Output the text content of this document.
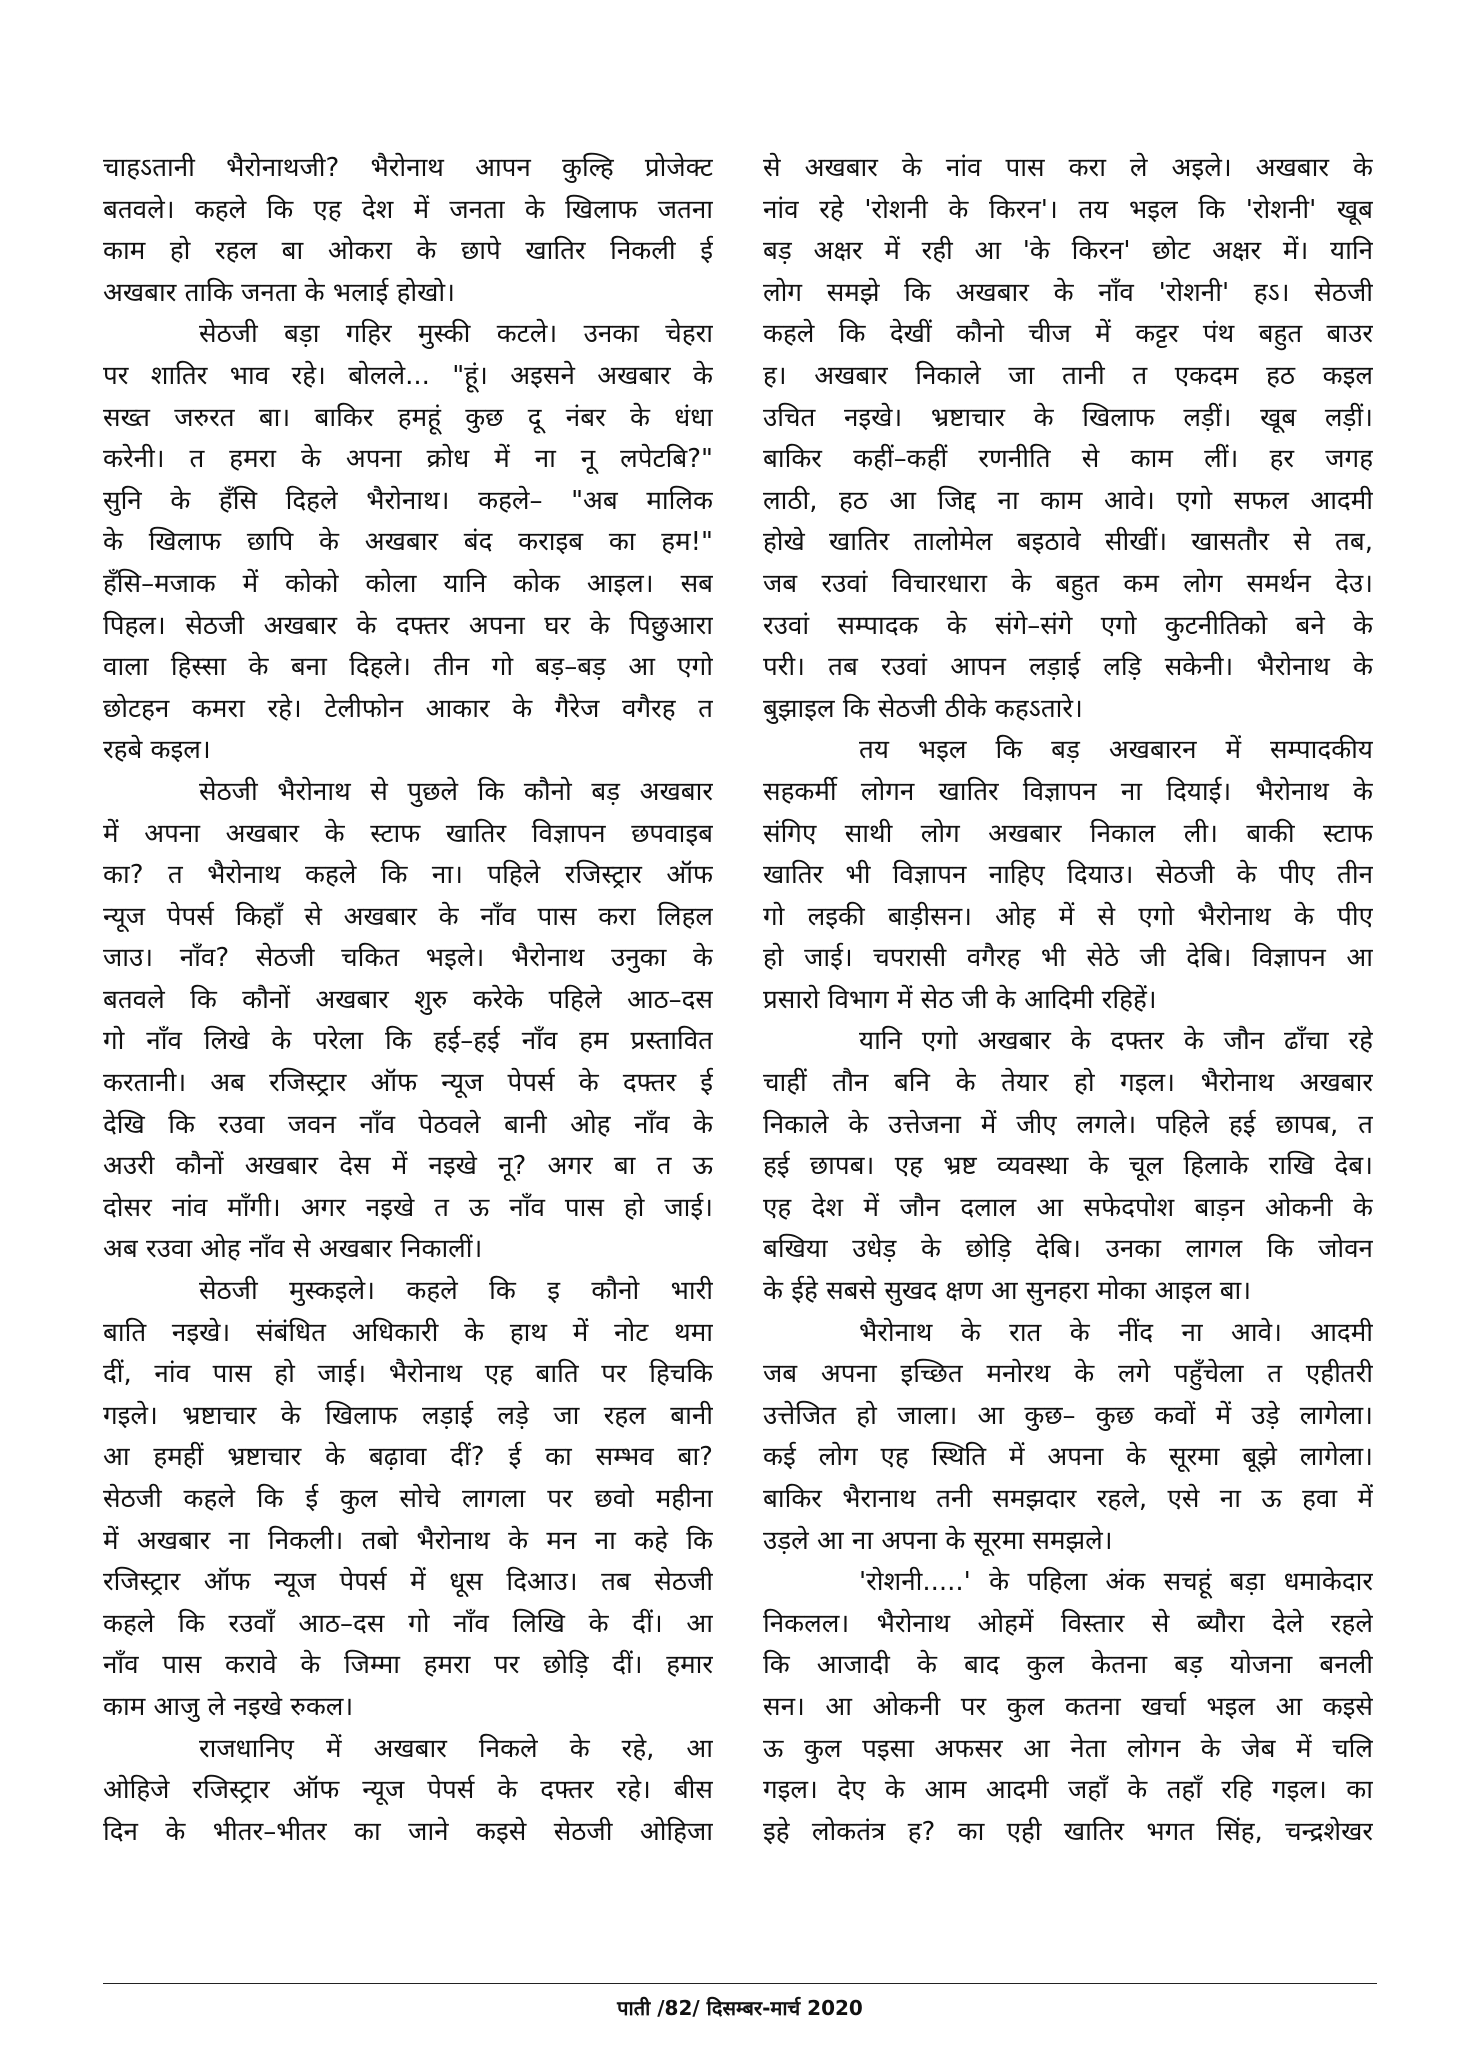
चाहऽतानी भैरोनाथजी? भैरोनाथ आपन कुल्हि प्रोजेक्ट
बतवले। कहले कि एह देश में जनता के खिलाफ जतना
काम हो रहल बा ओकरा के छापे खातिर निकली ई
अखबार ताकि जनता के भलाई होखो।
सेठजी बड़ा गहिर मुस्की कटले। उनका चेहरा
पर शातिर भाव रहे। बोलले... "हूं। अइसने अखबार के
सख्त जरुरत बा। बाकिर हमहूं कुछ दू नंबर के धंधा
करेनी। त हमरा के अपना क्रोध में ना नू लपेटबि?"
सुनि के हँसि दिहले भैरोनाथ। कहले– "अब मालिक
के खिलाफ छापि के अखबार बंद कराइब का हम!"
हँसि–मजाक में कोको कोला यानि कोक आइल। सब
पिहल। सेठजी अखबार के दफ्तर अपना घर के पिछुआरा
वाला हिस्सा के बना दिहले। तीन गो बड़–बड़ आ एगो
छोटहन कमरा रहे। टेलीफोन आकार के गैरेज वगैरह त
रहबे कइल।
सेठजी भैरोनाथ से पुछले कि कौनो बड़ अखबार
में अपना अखबार के स्टाफ खातिर विज्ञापन छपवाइब
का? त भैरोनाथ कहले कि ना। पहिले रजिस्ट्रार ऑफ
न्यूज पेपर्स किहाँ से अखबार के नाँव पास करा लिहल
जाउ। नाँव? सेठजी चकित भइले। भैरोनाथ उनुका के
बतवले कि कौनों अखबार शुरु करेके पहिले आठ–दस
गो नाँव लिखे के परेला कि हई–हई नाँव हम प्रस्तावित
करतानी। अब रजिस्ट्रार ऑफ न्यूज पेपर्स के दफ्तर ई
देखि कि रउवा जवन नाँव पेठवले बानी ओह नाँव के
अउरी कौनों अखबार देस में नइखे नू? अगर बा त ऊ
दोसर नांव माँगी। अगर नइखे त ऊ नाँव पास हो जाई।
अब रउवा ओह नाँव से अखबार निकालीं।
सेठजी मुस्कइले। कहले कि इ कौनो भारी
बाति नइखे। संबंधित अधिकारी के हाथ में नोट थमा
दीं, नांव पास हो जाई। भैरोनाथ एह बाति पर हिचकि
गइले। भ्रष्टाचार के खिलाफ लड़ाई लड़े जा रहल बानी
आ हमहीं भ्रष्टाचार के बढ़ावा दीं? ई का सम्भव बा?
सेठजी कहले कि ई कुल सोचे लागला पर छवो महीना
में अखबार ना निकली। तबो भैरोनाथ के मन ना कहे कि
रजिस्ट्रार ऑफ न्यूज पेपर्स में धूस दिआउ। तब सेठजी
कहले कि रउवाँ आठ–दस गो नाँव लिखि के दीं। आ
नाँव पास करावे के जिम्मा हमरा पर छोड़ि दीं। हमार
काम आजु ले नइखे रुकल।
राजधानिए में अखबार निकले के रहे, आ
ओहिजे रजिस्ट्रार ऑफ न्यूज पेपर्स के दफ्तर रहे। बीस
दिन के भीतर–भीतर का जाने कइसे सेठजी ओहिजा
से अखबार के नांव पास करा ले अइले। अखबार के
नांव रहे 'रोशनी के किरन'। तय भइल कि 'रोशनी' खूब
बड़ अक्षर में रही आ 'के किरन' छोट अक्षर में। यानि
लोग समझे कि अखबार के नाँव 'रोशनी' हऽ। सेठजी
कहले कि देखीं कौनो चीज में कट्टर पंथ बहुत बाउर
ह। अखबार निकाले जा तानी त एकदम हठ कइल
उचित नइखे। भ्रष्टाचार के खिलाफ लड़ीं। खूब लड़ीं।
बाकिर कहीं–कहीं रणनीति से काम लीं। हर जगह
लाठी, हठ आ जिद्द ना काम आवे। एगो सफल आदमी
होखे खातिर तालोमेल बइठावे सीखीं। खासतौर से तब,
जब रउवां विचारधारा के बहुत कम लोग समर्थन देउ।
रउवां सम्पादक के संगे–संगे एगो कुटनीतिको बने के
परी। तब रउवां आपन लड़ाई लड़ि सकेनी। भैरोनाथ के
बुझाइल कि सेठजी ठीके कहऽतारे।
तय भइल कि बड़ अखबारन में सम्पादकीय
सहकर्मी लोगन खातिर विज्ञापन ना दियाई। भैरोनाथ के
संगिए साथी लोग अखबार निकाल ली। बाकी स्टाफ
खातिर भी विज्ञापन नाहिए दियाउ। सेठजी के पीए तीन
गो लइकी बाड़ीसन। ओह में से एगो भैरोनाथ के पीए
हो जाई। चपरासी वगैरह भी सेठे जी देबि। विज्ञापन आ
प्रसारो विभाग में सेठ जी के आदिमी रहिहें।
यानि एगो अखबार के दफ्तर के जौन ढाँचा रहे
चाहीं तौन बनि के तेयार हो गइल। भैरोनाथ अखबार
निकाले के उत्तेजना में जीए लगले। पहिले हई छापब, त
हई छापब। एह भ्रष्ट व्यवस्था के चूल हिलाके राखि देब।
एह देश में जौन दलाल आ सफेदपोश बाड़न ओकनी के
बखिया उधेड़ के छोड़ि देबि। उनका लागल कि जोवन
के ईहे सबसे सुखद क्षण आ सुनहरा मोका आइल बा।
भैरोनाथ के रात के नींद ना आवे। आदमी
जब अपना इच्छित मनोरथ के लगे पहुँचेला त एहीतरी
उत्तेजित हो जाला। आ कुछ– कुछ कवों में उड़े लागेला।
कई लोग एह स्थिति में अपना के सूरमा बूझे लागेला।
बाकिर भैरानाथ तनी समझदार रहले, एसे ना ऊ हवा में
उड़ले आ ना अपना के सूरमा समझले।
'रोशनी.....' के पहिला अंक सचहूं बड़ा धमाकेदार
निकलल। भैरोनाथ ओहमें विस्तार से ब्यौरा देले रहले
कि आजादी के बाद कुल केतना बड़ योजना बनली
सन। आ ओकनी पर कुल कतना खर्चा भइल आ कइसे
ऊ कुल पइसा अफसर आ नेता लोगन के जेब में चलि
गइल। देए के आम आदमी जहाँ के तहाँ रहि गइल। का
इहे लोकतंत्र ह? का एही खातिर भगत सिंह, चन्द्रशेखर
पाती /82/ दिसम्बर-मार्च 2020
